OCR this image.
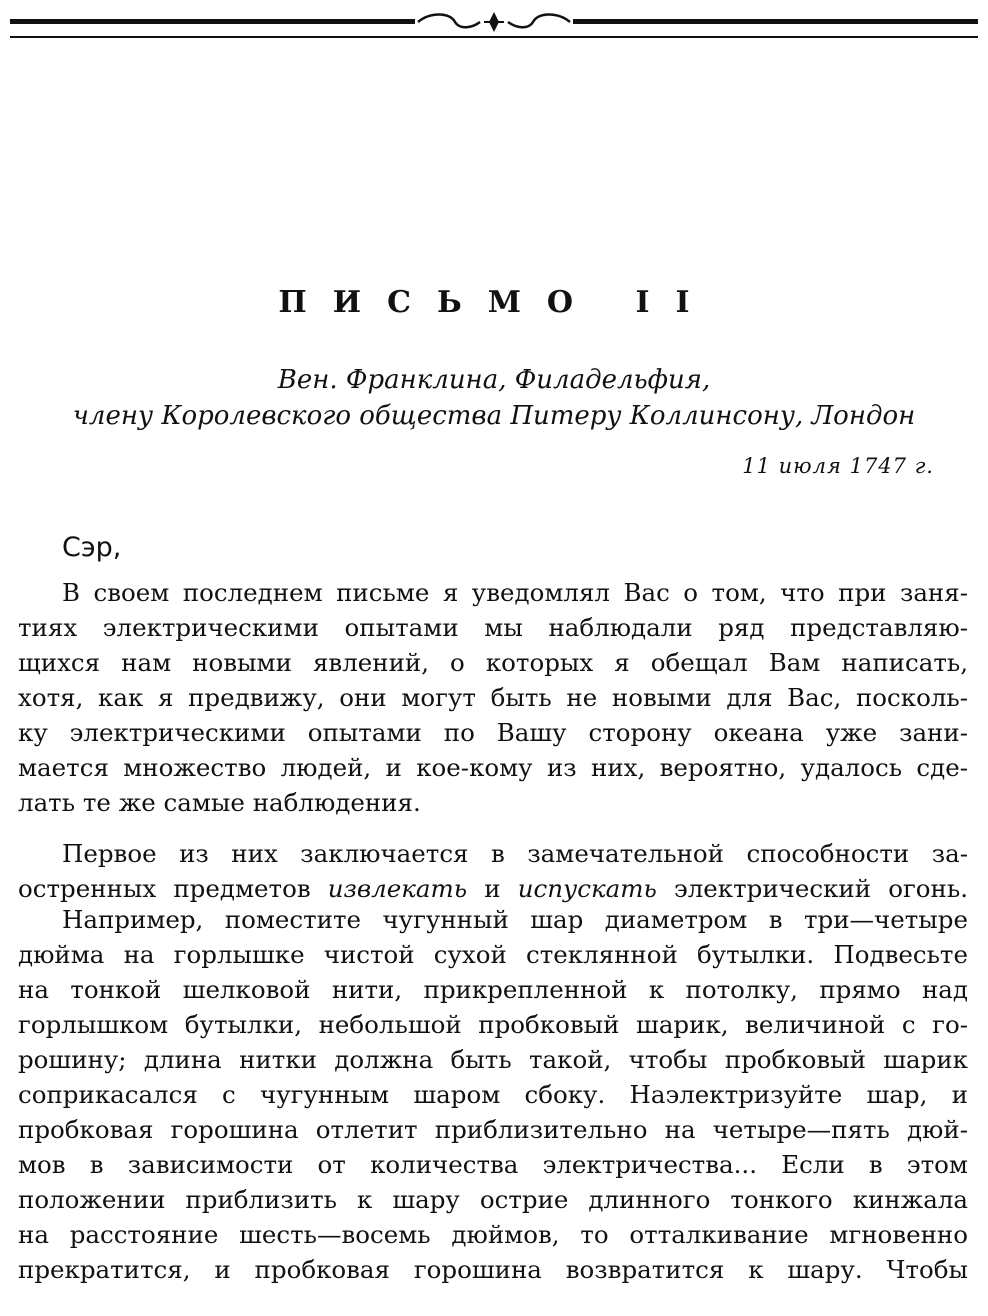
ПИСЬМО II
Вен. Франклина, Филадельфия,
члену Королевского общества Питеру Коллинсону, Лондон
11 июля 1747 г.
Сэр,
В своем последнем письме я уведомлял Вас о том, что при заня-
тиях электрическими опытами мы наблюдали ряд представляю-
щихся нам новыми явлений, о которых я обещал Вам написать,
хотя, как я предвижу, они могут быть не новыми для Вас, посколь-
ку электрическими опытами по Вашу сторону океана уже зани-
мается множество людей, и кое-кому из них, вероятно, удалось сде-
лать те же самые наблюдения.
Первое из них заключается в замечательной способности за-
остренных предметов извлекать и испускать электрический огонь.
Например, поместите чугунный шар диаметром в три—четыре
дюйма на горлышке чистой сухой стеклянной бутылки. Подвесьте
на тонкой шелковой нити, прикрепленной к потолку, прямо над
горлышком бутылки, небольшой пробковый шарик, величиной с го-
рошину; длина нитки должна быть такой, чтобы пробковый шарик
соприкасался с чугунным шаром сбоку. Наэлектризуйте шар, и
пробковая горошина отлетит приблизительно на четыре—пять дюй-
мов в зависимости от количества электричества... Если в этом
положении приблизить к шару острие длинного тонкого кинжала
на расстояние шесть—восемь дюймов, то отталкивание мгновенно
прекратится, и пробковая горошина возвратится к шару. Чтобы
